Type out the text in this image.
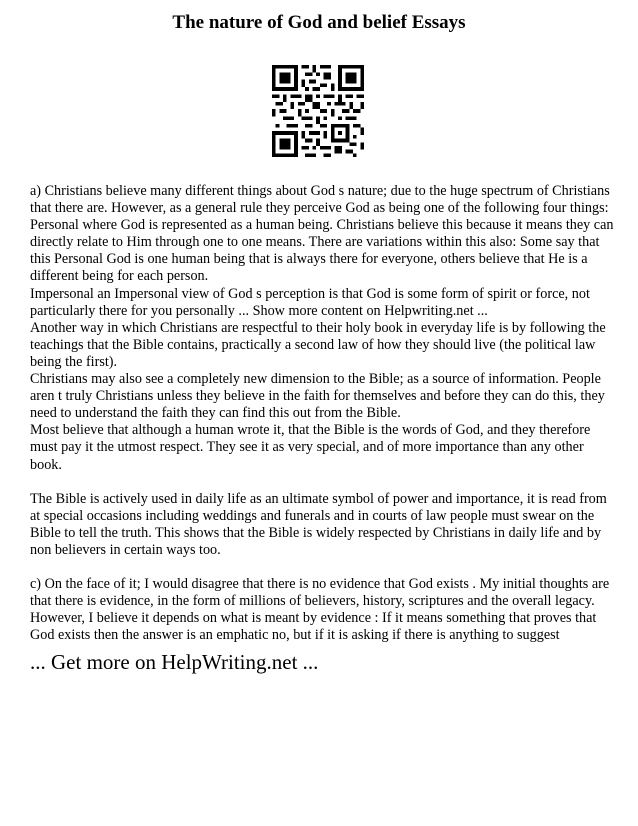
The nature of God and belief Essays

a) Christians believe many different things about God s nature; due to the huge spectrum of Christians that there are. However, as a general rule they perceive God as being one of the following four things: Personal where God is represented as a human being. Christians believe this because it means they can directly relate to Him through one to one means. There are variations within this also: Some say that this Personal God is one human being that is always there for everyone, others believe that He is a different being for each person.

Impersonal an Impersonal view of God s perception is that God is some form of spirit or force, not particularly there for you personally ... Show more content on Helpwriting.net ...

Another way in which Christians are respectful to their holy book in everyday life is by following the teachings that the Bible contains, practically a second law of how they should live (the political law being the first).

Christians may also see a completely new dimension to the Bible; as a source of information. People aren t truly Christians unless they believe in the faith for themselves and before they can do this, they need to understand the faith they can find this out from the Bible.

Most believe that although a human wrote it, that the Bible is the words of God, and they therefore must pay it the utmost respect. They see it as very special, and of more importance than any other book.

The Bible is actively used in daily life as an ultimate symbol of power and importance, it is read from at special occasions including weddings and funerals and in courts of law people must swear on the Bible to tell the truth. This shows that the Bible is widely respected by Christians in daily life and by non believers in certain ways too.

c) On the face of it; I would disagree that there is no evidence that God exists . My initial thoughts are that there is evidence, in the form of millions of believers, history, scriptures and the overall legacy. However, I believe it depends on what is meant by evidence : If it means something that proves that God exists then the answer is an emphatic no, but if it is asking if there is anything to suggest

... Get more on HelpWriting.net ...
